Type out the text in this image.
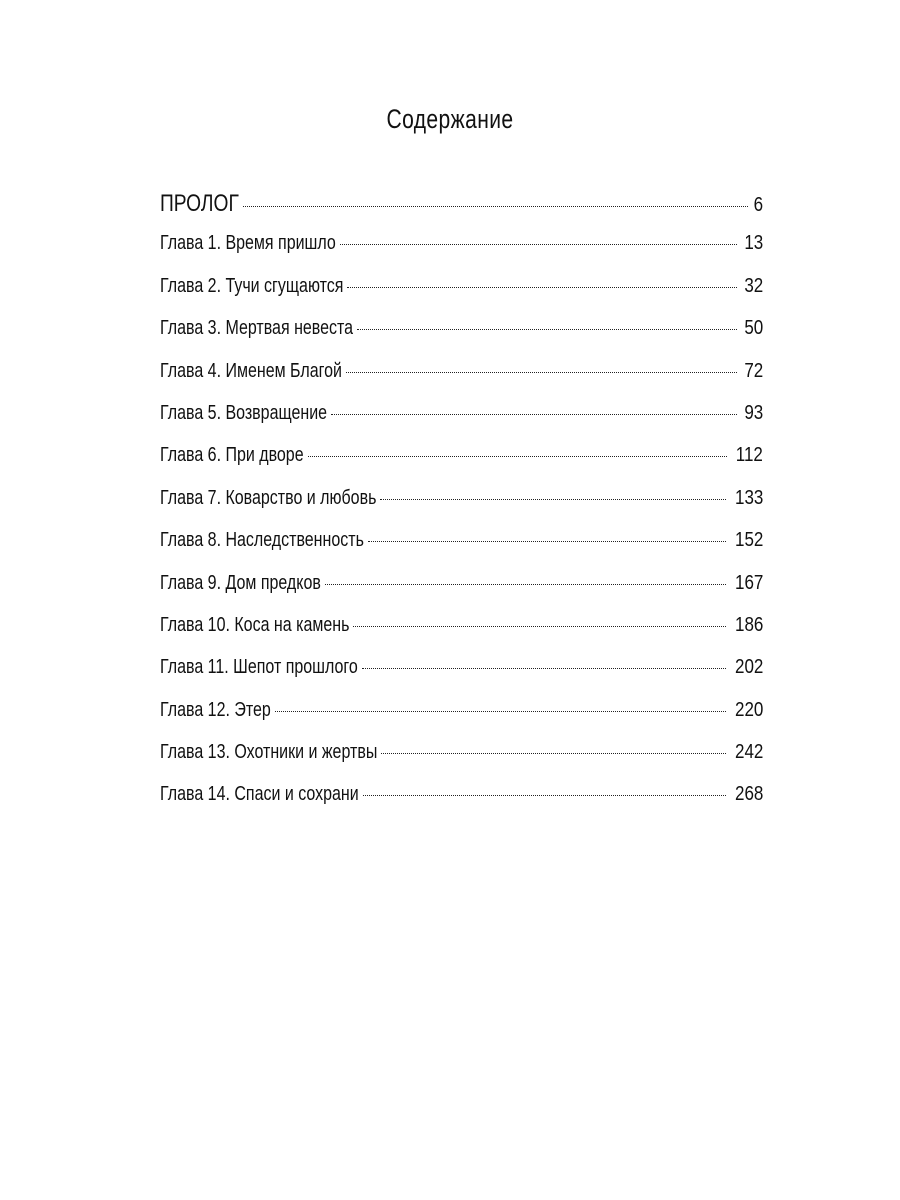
Содержание
ПРОЛОГ	6
Глава 1. Время пришло	13
Глава 2. Тучи сгущаются	32
Глава 3. Мертвая невеста	50
Глава 4. Именем Благой	72
Глава 5. Возвращение	93
Глава 6. При дворе	112
Глава 7. Коварство и любовь	133
Глава 8. Наследственность	152
Глава 9. Дом предков	167
Глава 10. Коса на камень	186
Глава 11. Шепот прошлого	202
Глава 12. Этер	220
Глава 13. Охотники и жертвы	242
Глава 14. Спаси и сохрани	268
